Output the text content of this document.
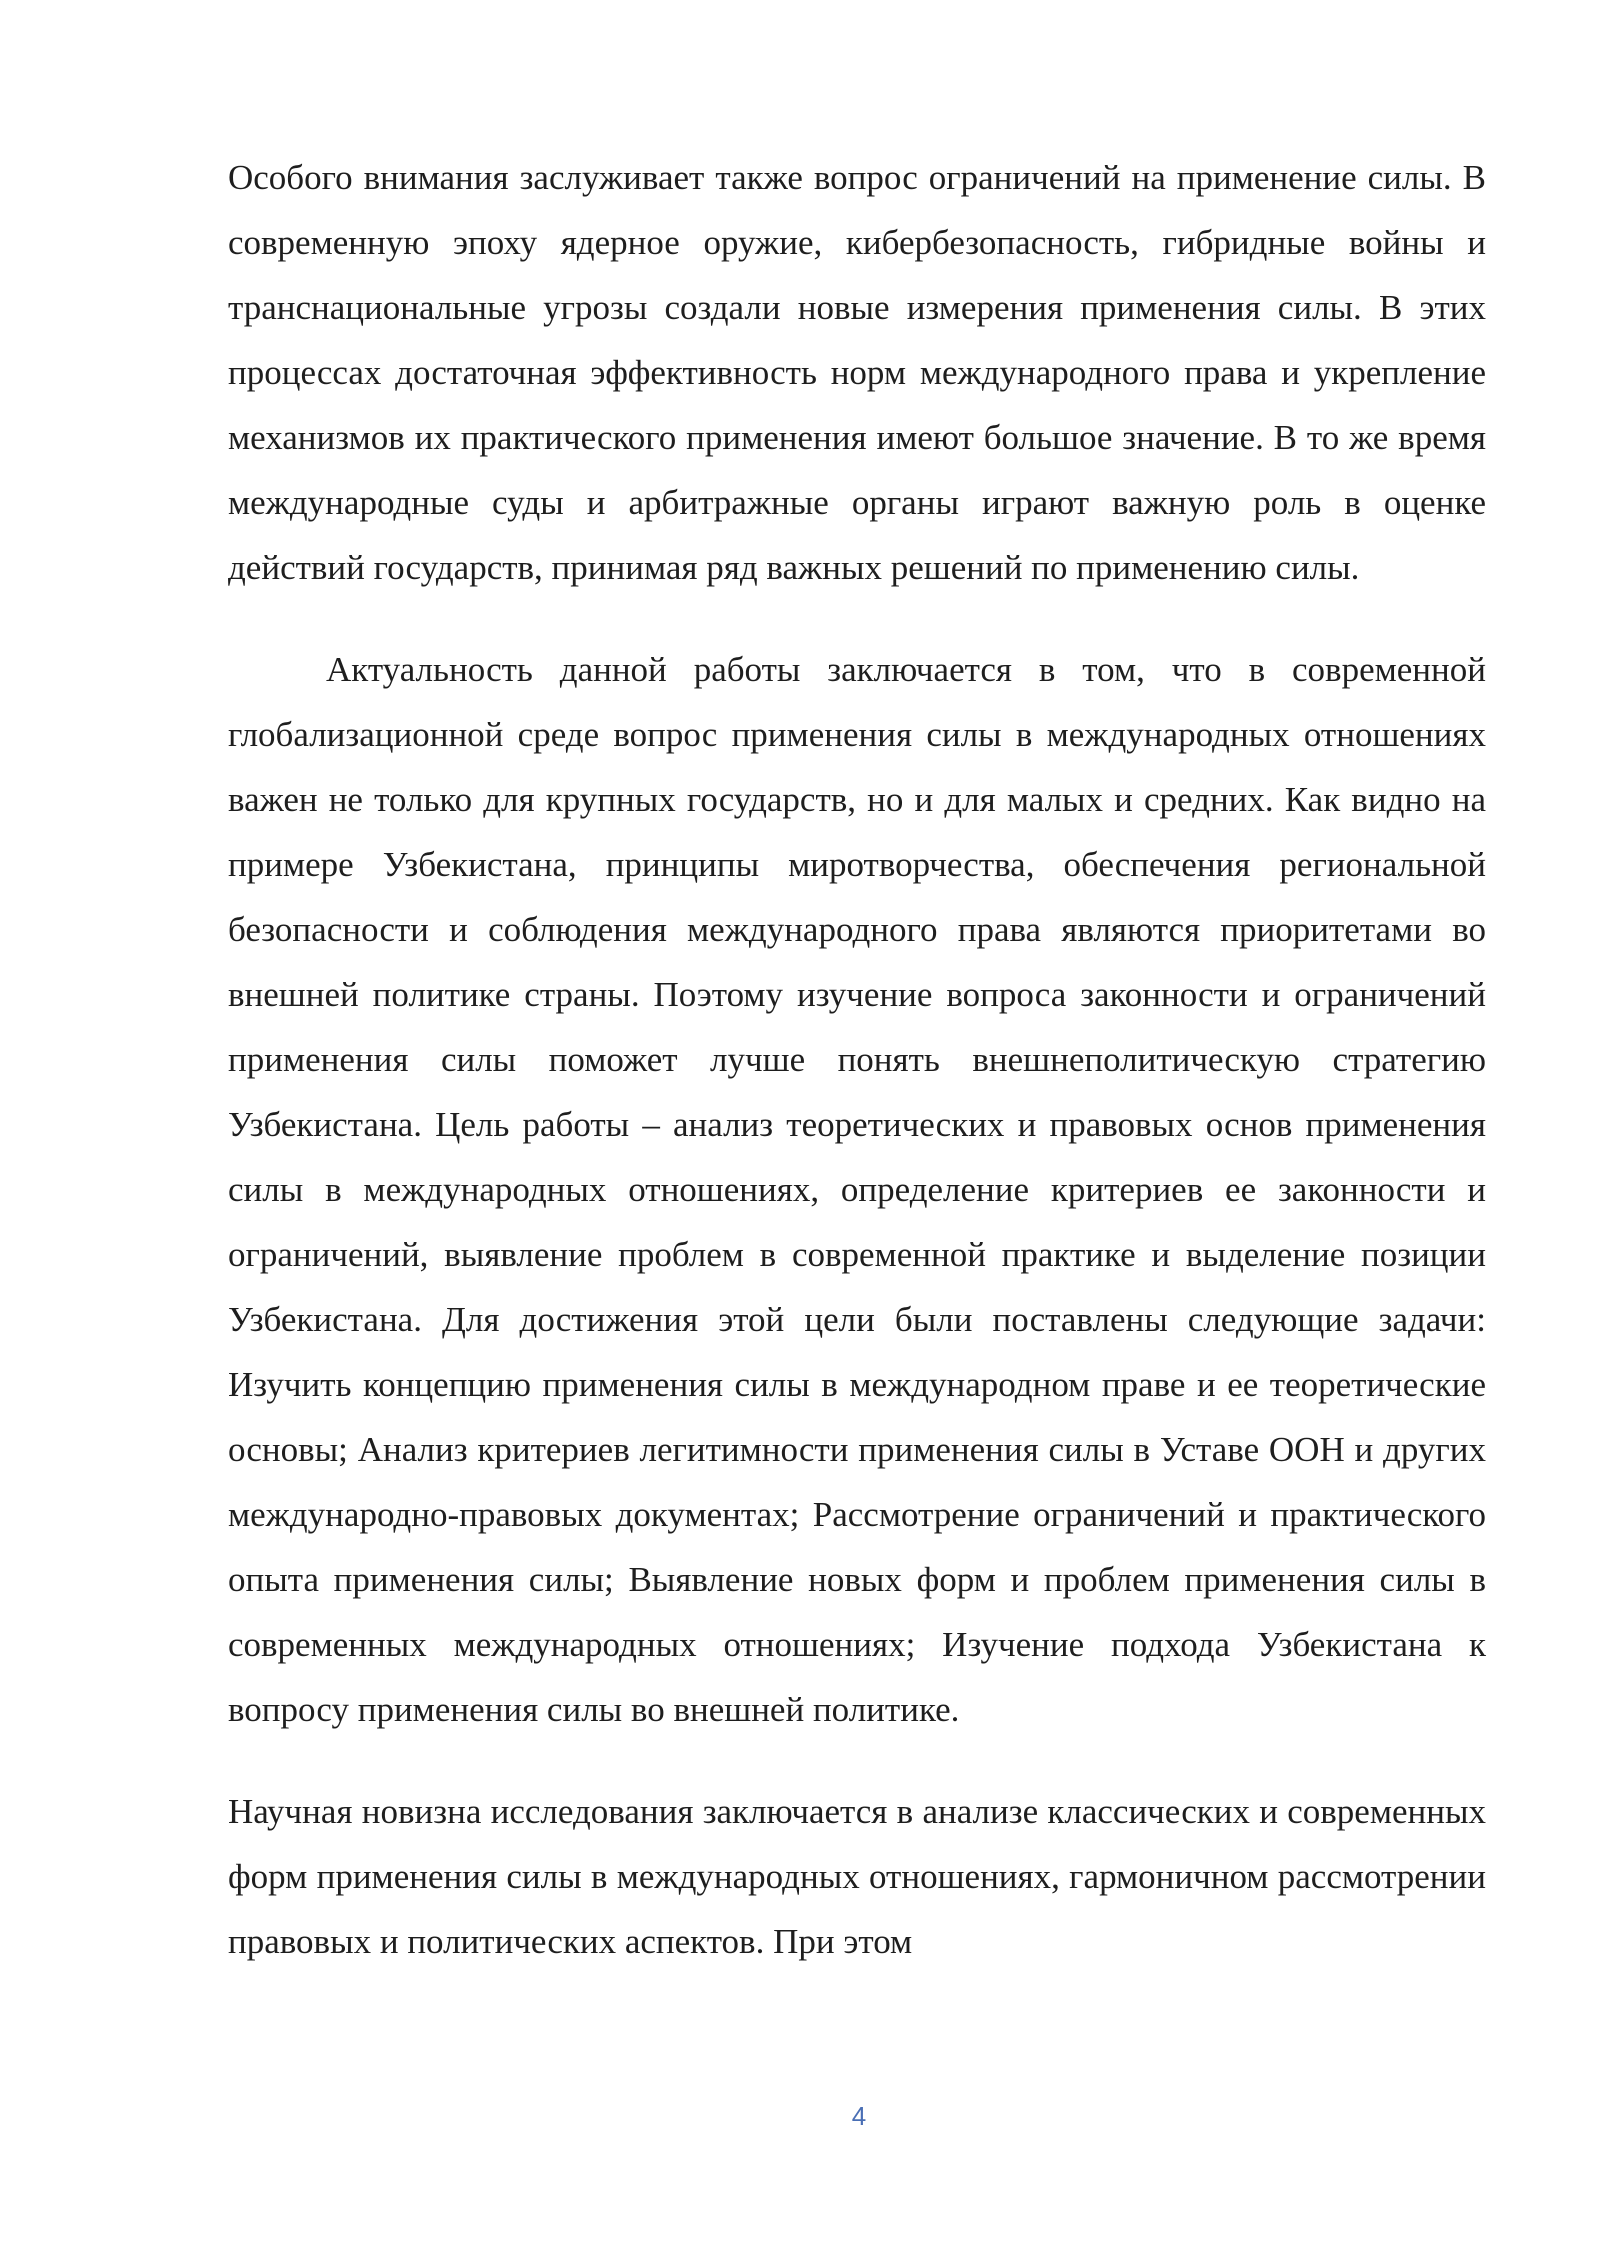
Особого внимания заслуживает также вопрос ограничений на применение силы. В современную эпоху ядерное оружие, кибербезопасность, гибридные войны и транснациональные угрозы создали новые измерения применения силы. В этих процессах достаточная эффективность норм международного права и укрепление механизмов их практического применения имеют большое значение. В то же время международные суды и арбитражные органы играют важную роль в оценке действий государств, принимая ряд важных решений по применению силы.

Актуальность данной работы заключается в том, что в современной глобализационной среде вопрос применения силы в международных отношениях важен не только для крупных государств, но и для малых и средних. Как видно на примере Узбекистана, принципы миротворчества, обеспечения региональной безопасности и соблюдения международного права являются приоритетами во внешней политике страны. Поэтому изучение вопроса законности и ограничений применения силы поможет лучше понять внешнеполитическую стратегию Узбекистана. Цель работы – анализ теоретических и правовых основ применения силы в международных отношениях, определение критериев ее законности и ограничений, выявление проблем в современной практике и выделение позиции Узбекистана. Для достижения этой цели были поставлены следующие задачи: Изучить концепцию применения силы в международном праве и ее теоретические основы; Анализ критериев легитимности применения силы в Уставе ООН и других международно-правовых документах; Рассмотрение ограничений и практического опыта применения силы; Выявление новых форм и проблем применения силы в современных международных отношениях; Изучение подхода Узбекистана к вопросу применения силы во внешней политике.

Научная новизна исследования заключается в анализе классических и современных форм применения силы в международных отношениях, гармоничном рассмотрении правовых и политических аспектов. При этом

4
